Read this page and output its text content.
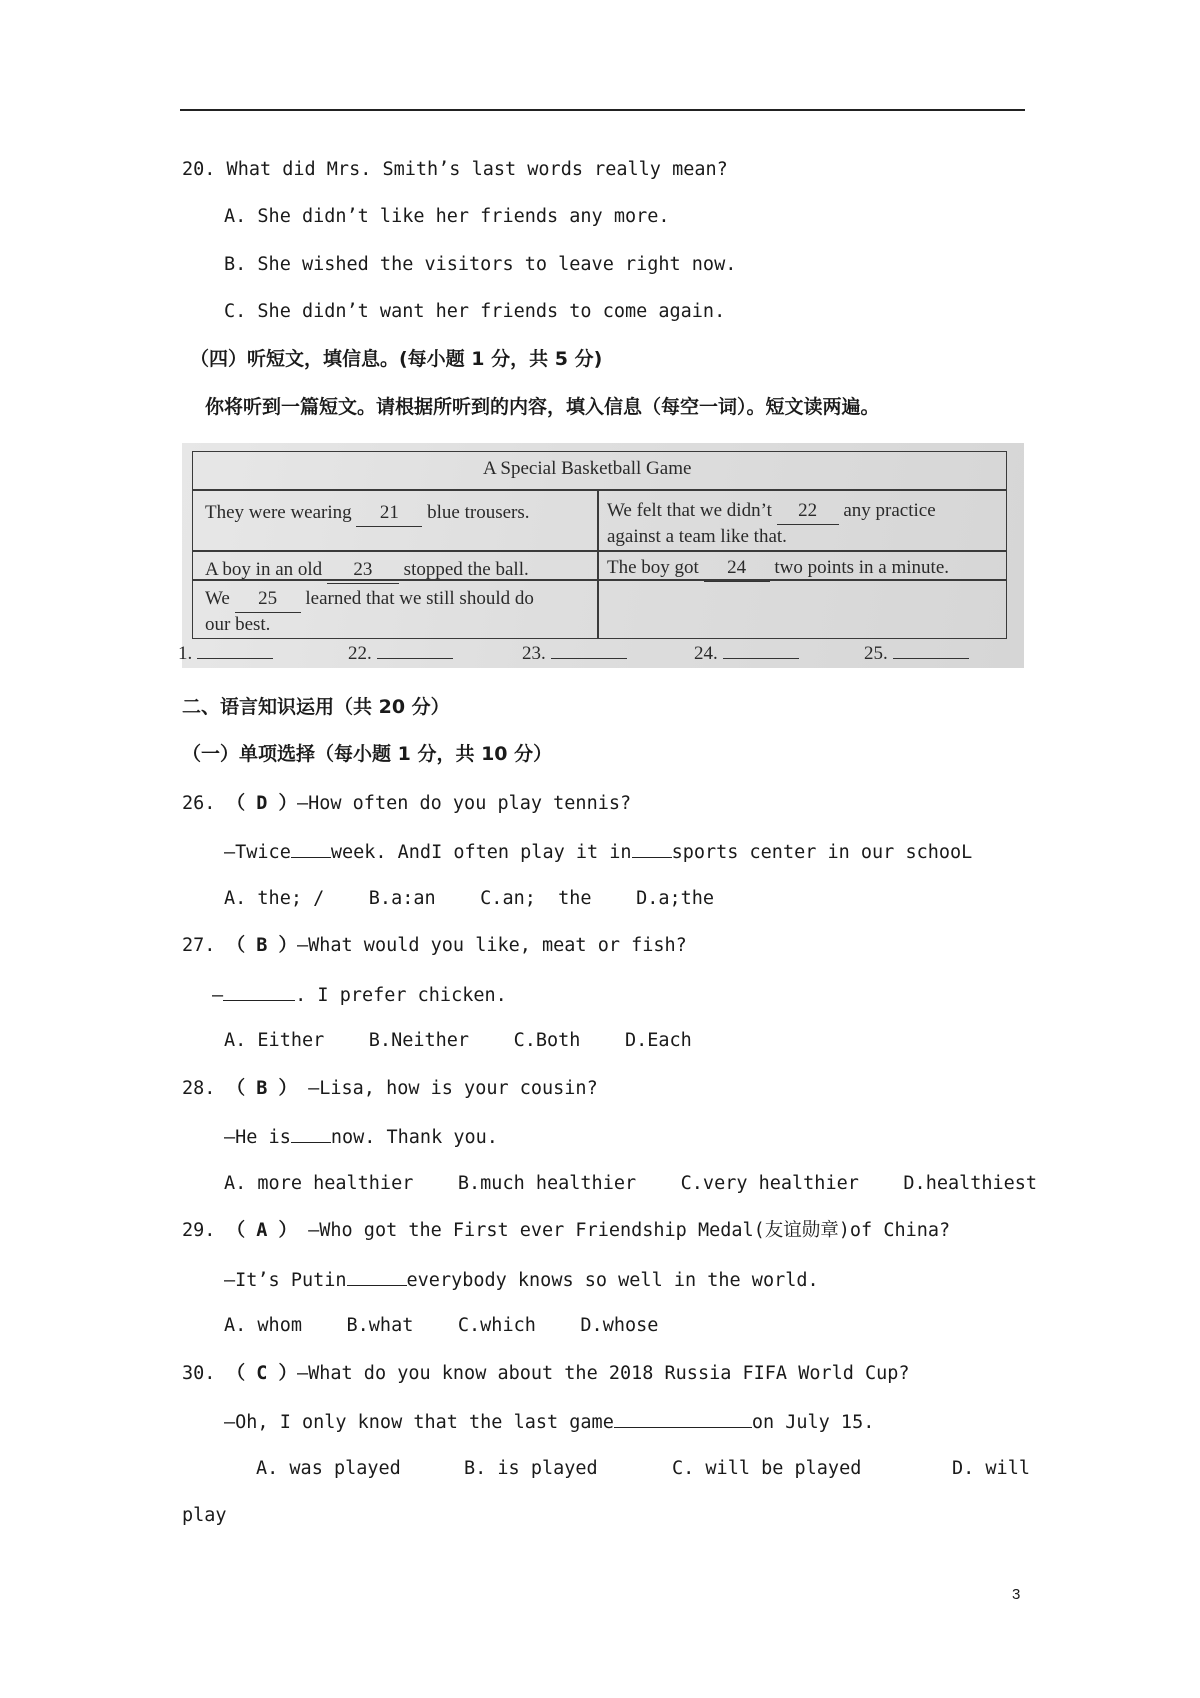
20. What did Mrs. Smith’s last words really mean?
A. She didn’t like her friends any more.
B. She wished the visitors to leave right now.
C. She didn’t want her friends to come again.
（四）听短文，填信息。(每小题 1 分，共 5 分)
你将听到一篇短文。请根据所听到的内容，填入信息（每空一词）。短文读两遍。
A Special Basketball Game
They were wearing 21 blue trousers.	We felt that we didn’t 22 any practice
against a team like that.
A boy in an old 23 stopped the ball.	The boy got 24 two points in a minute.
We 25 learned that we still should do
our best.
1.	22.	23.	24.	25.
二、语言知识运用（共 20 分）
（一）单项选择（每小题 1 分，共 10 分）
26. （ D ）—How often do you play tennis?
—Twice week. AndI often play it in sports center in our schooL
A. the; /    B.a:an    C.an;  the    D.a;the
27. （ B ）—What would you like, meat or fish?
—	. I prefer chicken.
A. Either    B.Neither    C.Both    D.Each
28. （ B ） —Lisa, how is your cousin?
—He is now. Thank you.
A. more healthier    B.much healthier    C.very healthier    D.healthiest
29. （ A ） —Who got the First ever Friendship Medal(友谊勋章)of China?
—It’s Putin	everybody knows so well in the world.
A. whom    B.what    C.which    D.whose
30. （ C ）—What do you know about the 2018 Russia FIFA World Cup?
—Oh, I only know that the last game	on July 15.
A. was played	B. is played	C. will be played	D. will
play
3
